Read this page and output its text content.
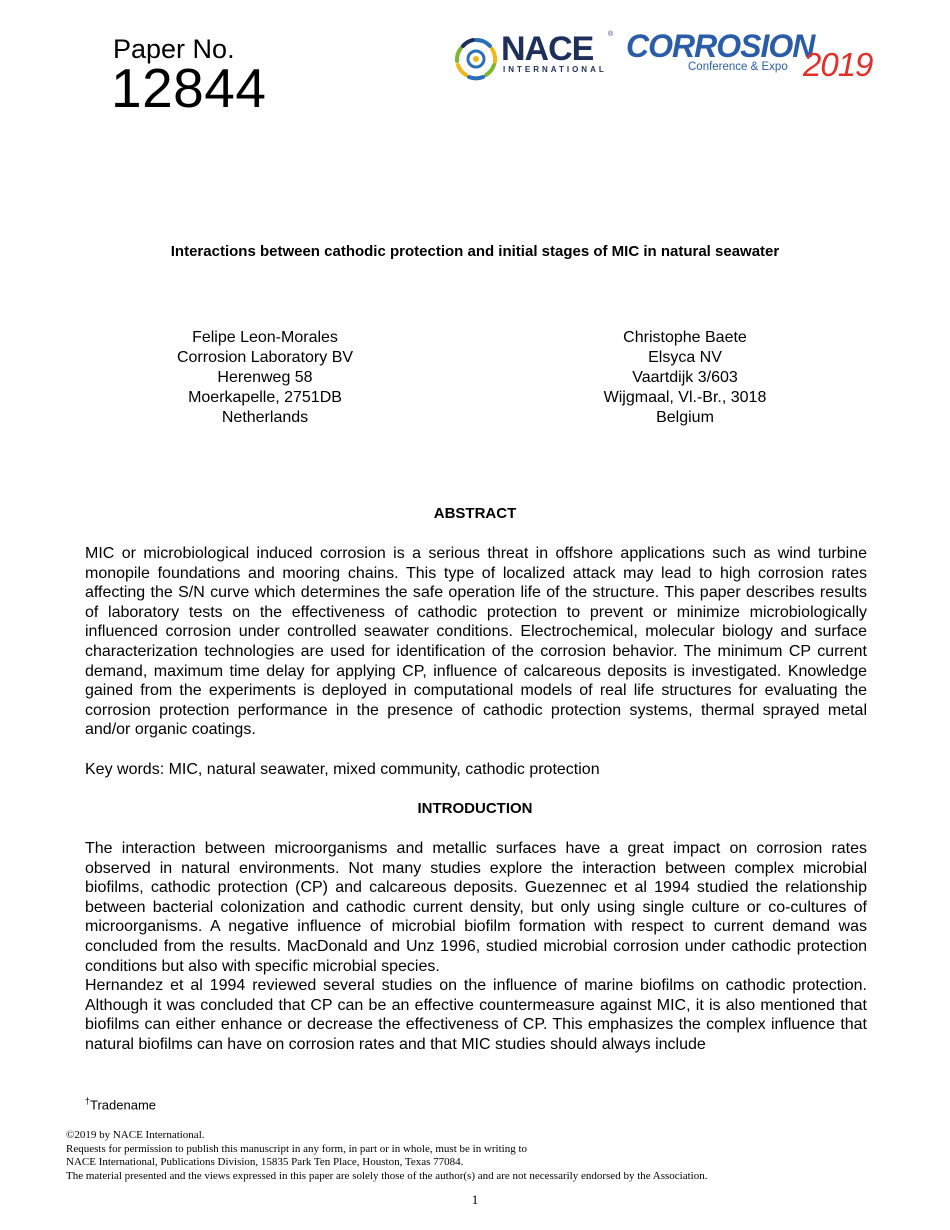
Paper No.
12844
NACE ®
INTERNATIONAL
CORROSION
Conference & Expo 2019
Interactions between cathodic protection and initial stages of MIC in natural seawater
Felipe Leon-Morales
Corrosion Laboratory BV
Herenweg 58
Moerkapelle, 2751DB
Netherlands
Christophe Baete
Elsyca NV
Vaartdijk 3/603
Wijgmaal, Vl.-Br., 3018
Belgium
ABSTRACT
MIC or microbiological induced corrosion is a serious threat in offshore applications such as wind turbine monopile foundations and mooring chains. This type of localized attack may lead to high corrosion rates affecting the S/N curve which determines the safe operation life of the structure. This paper describes results of laboratory tests on the effectiveness of cathodic protection to prevent or minimize microbiologically influenced corrosion under controlled seawater conditions. Electrochemical, molecular biology and surface characterization technologies are used for identification of the corrosion behavior. The minimum CP current demand, maximum time delay for applying CP, influence of calcareous deposits is investigated. Knowledge gained from the experiments is deployed in computational models of real life structures for evaluating the corrosion protection performance in the presence of cathodic protection systems, thermal sprayed metal and/or organic coatings.
Key words: MIC, natural seawater, mixed community, cathodic protection
INTRODUCTION
The interaction between microorganisms and metallic surfaces have a great impact on corrosion rates observed in natural environments. Not many studies explore the interaction between complex microbial biofilms, cathodic protection (CP) and calcareous deposits. Guezennec et al 1994 studied the relationship between bacterial colonization and cathodic current density, but only using single culture or co-cultures of microorganisms. A negative influence of microbial biofilm formation with respect to current demand was concluded from the results. MacDonald and Unz 1996, studied microbial corrosion under cathodic protection conditions but also with specific microbial species.
Hernandez et al 1994 reviewed several studies on the influence of marine biofilms on cathodic protection. Although it was concluded that CP can be an effective countermeasure against MIC, it is also mentioned that biofilms can either enhance or decrease the effectiveness of CP. This emphasizes the complex influence that natural biofilms can have on corrosion rates and that MIC studies should always include
†Tradename
©2019 by NACE International.
Requests for permission to publish this manuscript in any form, in part or in whole, must be in writing to
NACE International, Publications Division, 15835 Park Ten Place, Houston, Texas 77084.
The material presented and the views expressed in this paper are solely those of the author(s) and are not necessarily endorsed by the Association.
1
